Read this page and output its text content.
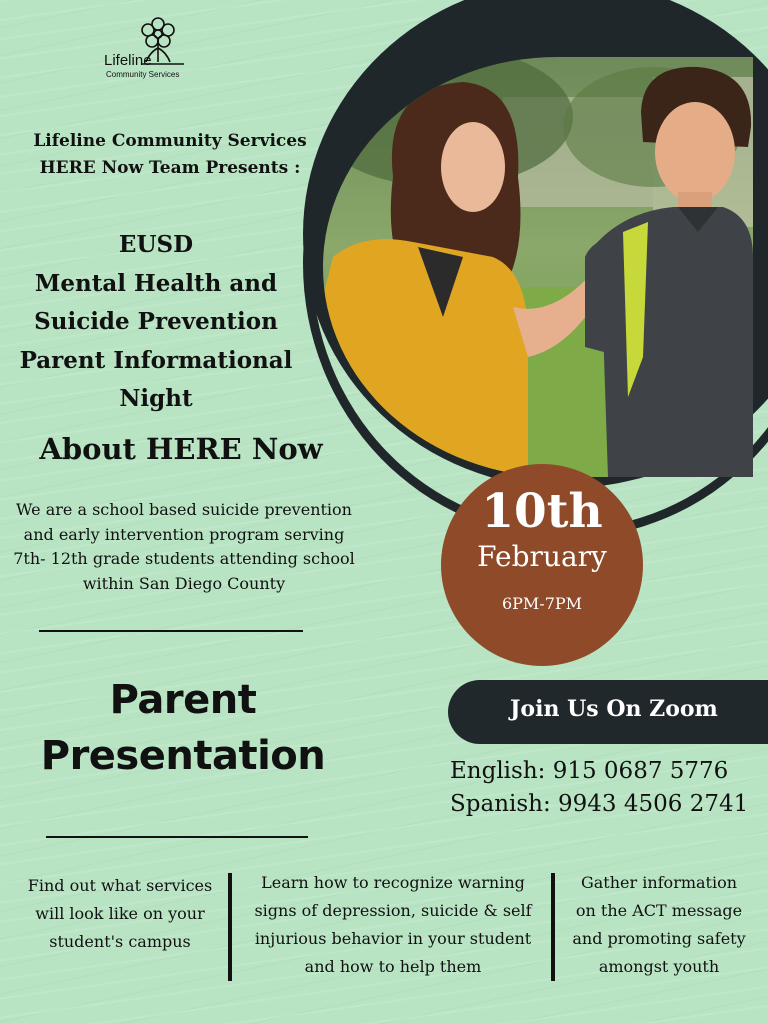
Lifeline
Community Services
Lifeline Community Services
HERE Now Team Presents :
EUSD
Mental Health and
Suicide Prevention
Parent Informational
Night
About HERE Now
We are a school based suicide prevention
and early intervention program serving
7th- 12th grade students attending school
within San Diego County
Parent
Presentation
10th
February
6PM-7PM
Join Us On Zoom
English: 915 0687 5776
Spanish: 9943 4506 2741
Find out what services
will look like on your
student's campus
Learn how to recognize warning
signs of depression, suicide & self
injurious behavior in your student
and how to help them
Gather information
on the ACT message
and promoting safety
amongst youth
